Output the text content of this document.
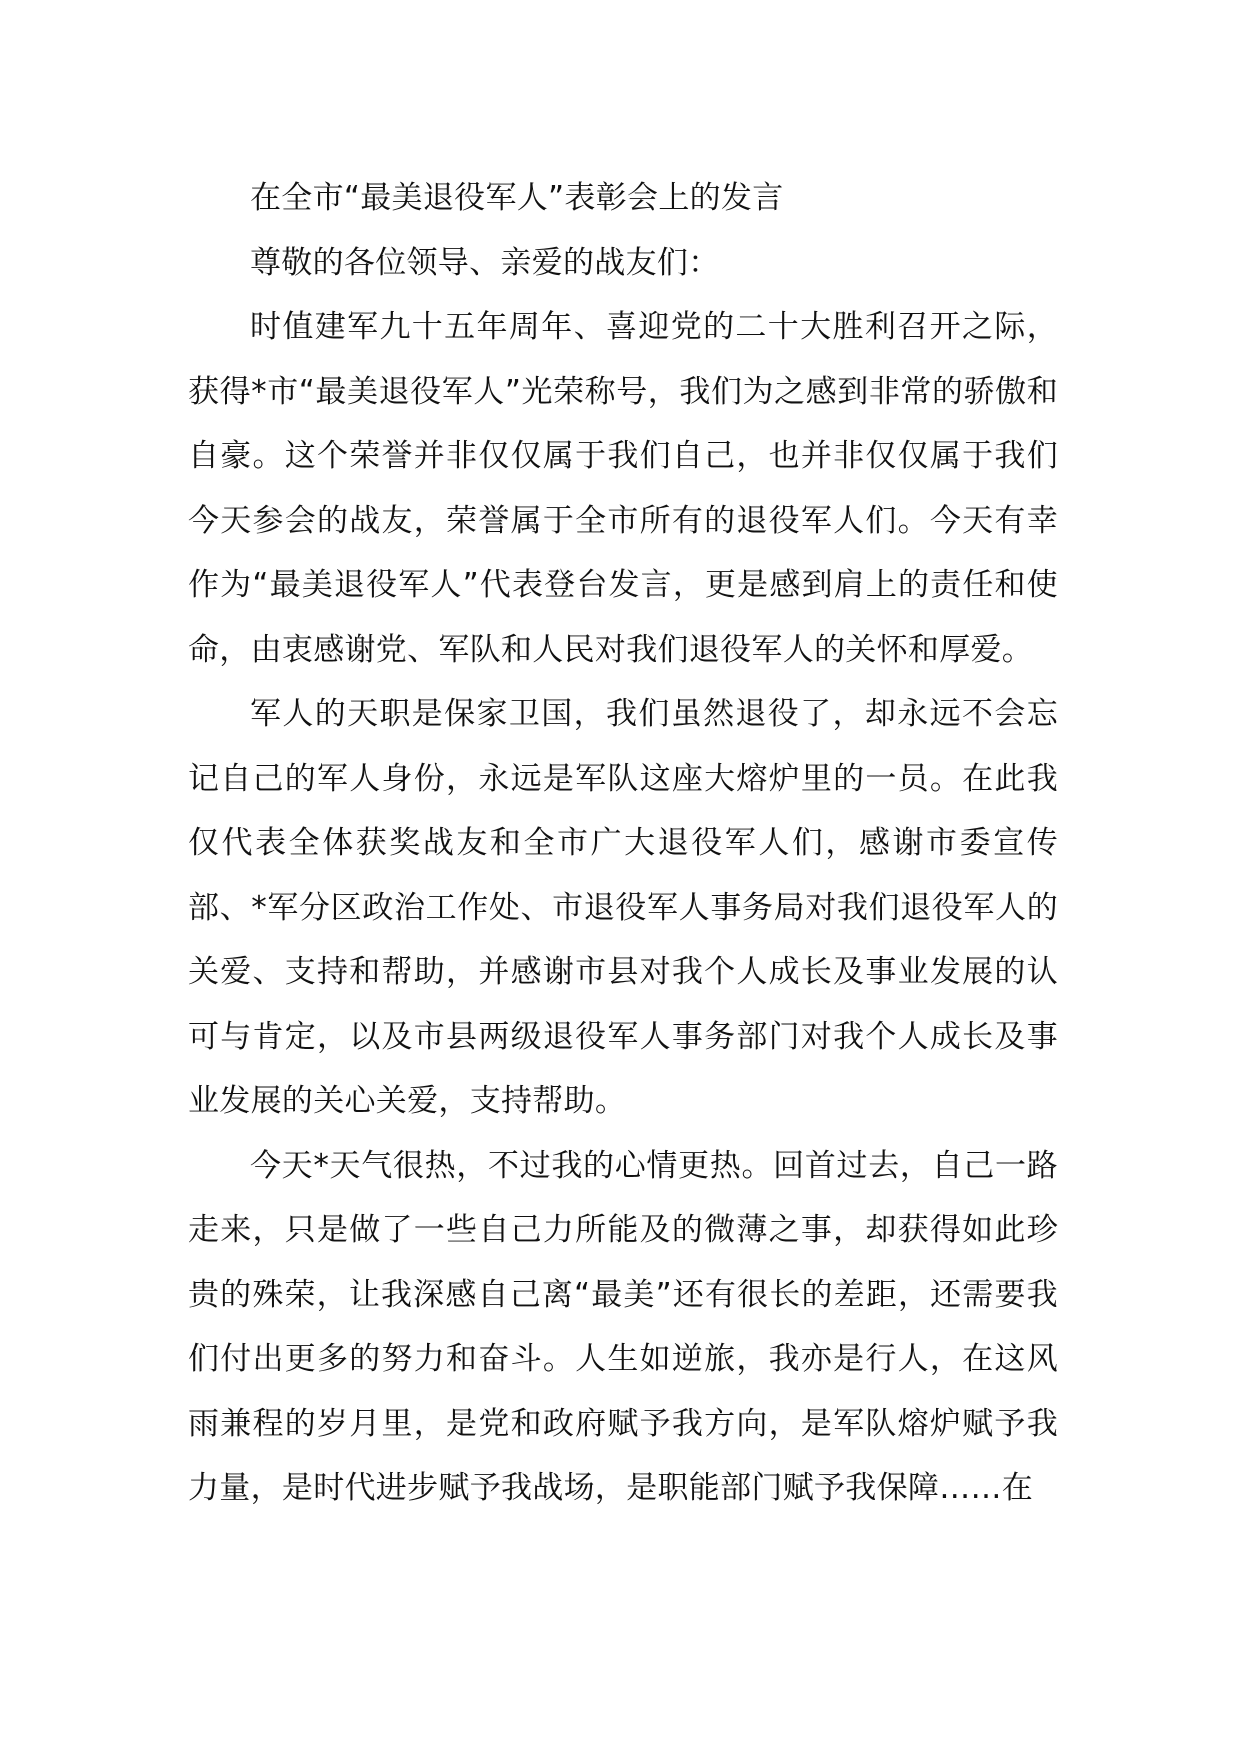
在全市“最美退役军人”表彰会上的发言

尊敬的各位领导、亲爱的战友们：

时值建军九十五年周年、喜迎党的二十大胜利召开之际，获得*市“最美退役军人”光荣称号，我们为之感到非常的骄傲和自豪。这个荣誉并非仅仅属于我们自己，也并非仅仅属于我们今天参会的战友，荣誉属于全市所有的退役军人们。今天有幸作为“最美退役军人”代表登台发言，更是感到肩上的责任和使命，由衷感谢党、军队和人民对我们退役军人的关怀和厚爱。

军人的天职是保家卫国，我们虽然退役了，却永远不会忘记自己的军人身份，永远是军队这座大熔炉里的一员。在此我仅代表全体获奖战友和全市广大退役军人们，感谢市委宣传部、*军分区政治工作处、市退役军人事务局对我们退役军人的关爱、支持和帮助，并感谢市县对我个人成长及事业发展的认可与肯定，以及市县两级退役军人事务部门对我个人成长及事业发展的关心关爱，支持帮助。

今天*天气很热，不过我的心情更热。回首过去，自己一路走来，只是做了一些自己力所能及的微薄之事，却获得如此珍贵的殊荣，让我深感自己离“最美”还有很长的差距，还需要我们付出更多的努力和奋斗。人生如逆旅，我亦是行人，在这风雨兼程的岁月里，是党和政府赋予我方向，是军队熔炉赋予我力量，是时代进步赋予我战场，是职能部门赋予我保障……在
